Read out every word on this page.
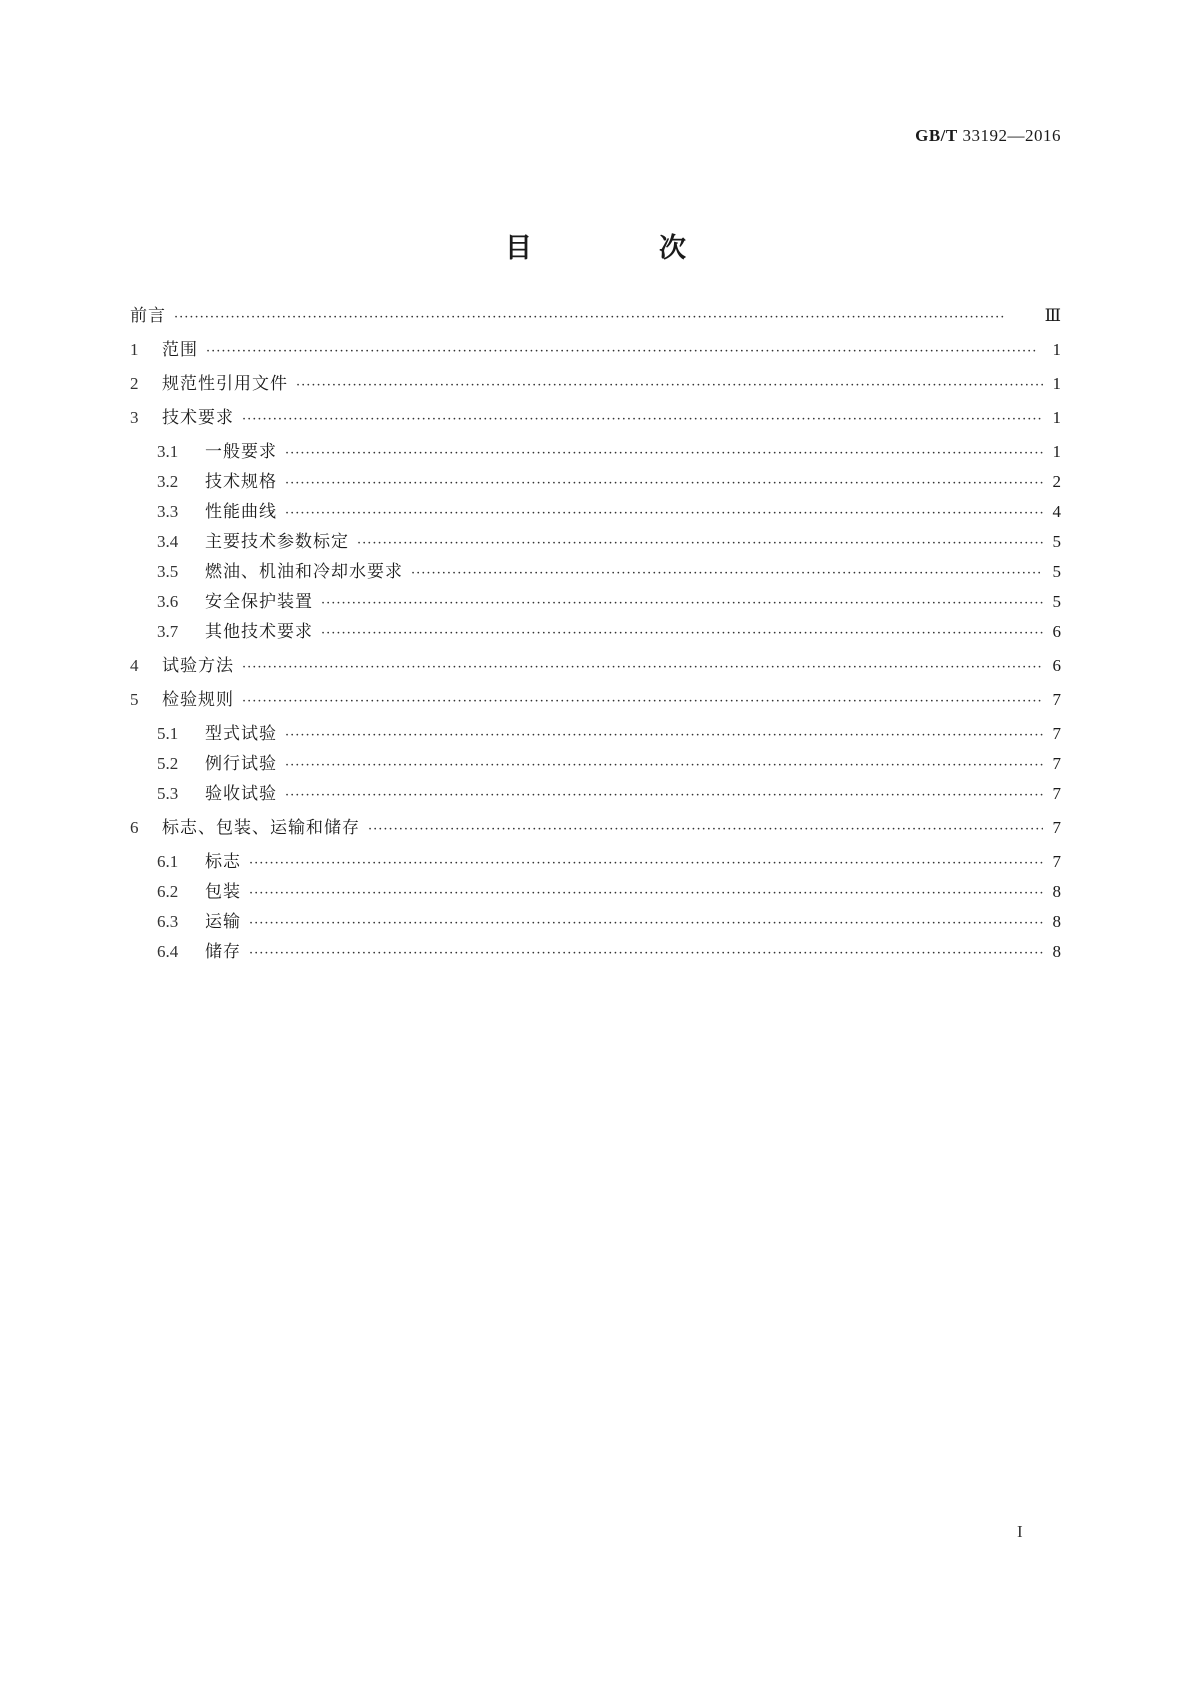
GB/T 33192—2016
目　次
前言 ·····	Ⅲ
1	范围 ·····	1
2	规范性引用文件 ·····	1
3	技术要求 ·····	1
3.1	一般要求 ·····	1
3.2	技术规格 ·····	2
3.3	性能曲线 ·····	4
3.4	主要技术参数标定 ·····	5
3.5	燃油、机油和冷却水要求 ·····	5
3.6	安全保护装置 ·····	5
3.7	其他技术要求 ·····	6
4	试验方法 ·····	6
5	检验规则 ·····	7
5.1	型式试验 ·····	7
5.2	例行试验 ·····	7
5.3	验收试验 ·····	7
6	标志、包装、运输和储存 ·····	7
6.1	标志 ·····	7
6.2	包装 ·····	8
6.3	运输 ·····	8
6.4	储存 ·····	8
I
